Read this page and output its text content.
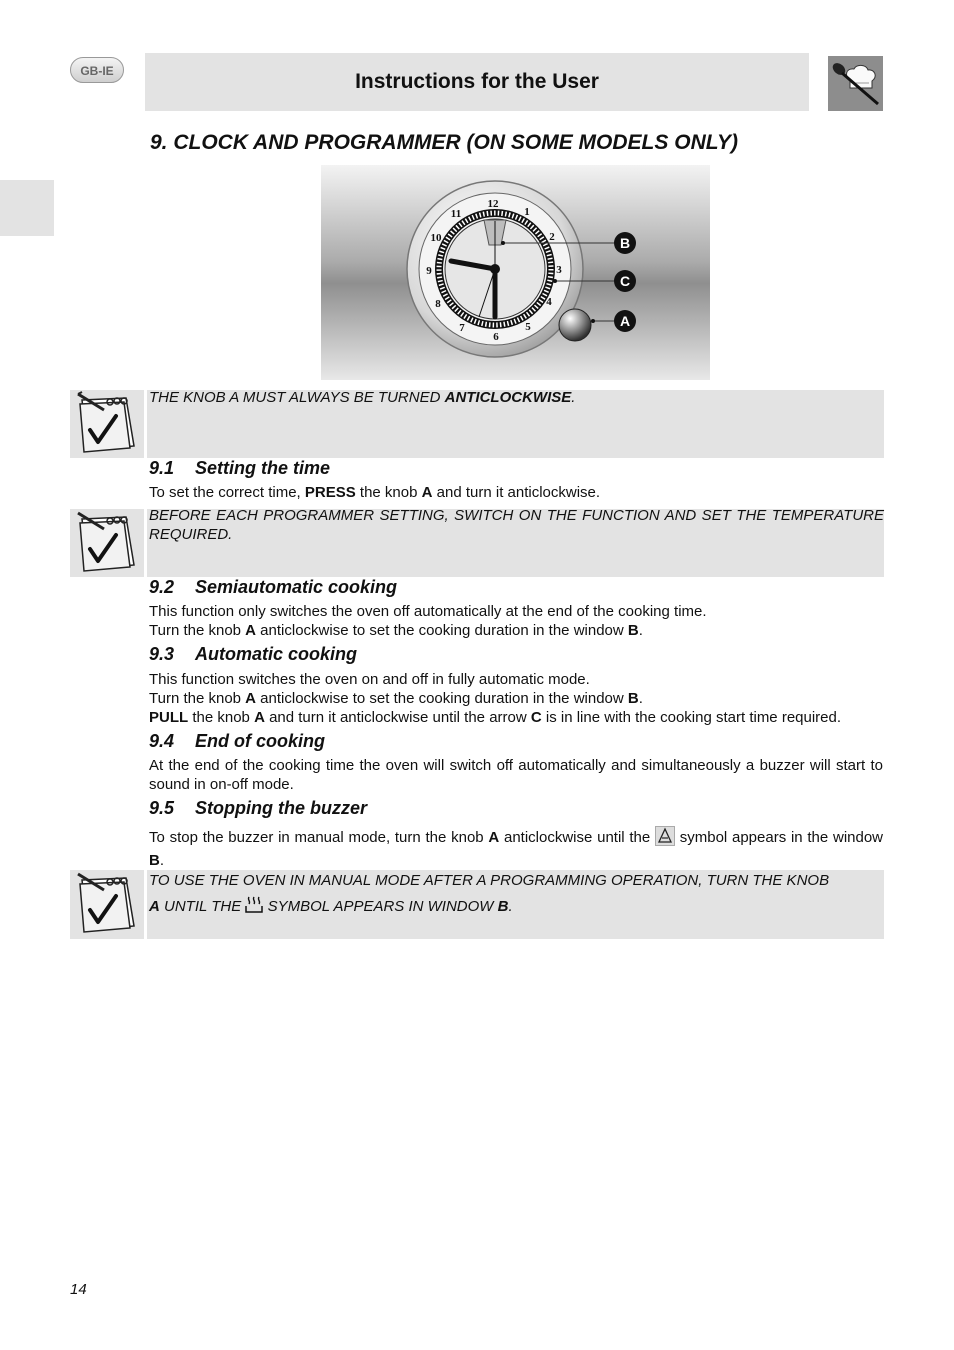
GB-IE	Instructions for the User
9. CLOCK AND PROGRAMMER (ON SOME MODELS ONLY)
12
1
2
3
4
5
6
7
8
9
10
11
B
C
A
THE KNOB A MUST ALWAYS BE TURNED ANTICLOCKWISE.
9.1 Setting the time
To set the correct time, PRESS the knob A and turn it anticlockwise.
BEFORE EACH PROGRAMMER SETTING, SWITCH ON THE FUNCTION AND SET THE TEMPERATURE REQUIRED.
9.2 Semiautomatic cooking
This function only switches the oven off automatically at the end of the cooking time.
Turn the knob A anticlockwise to set the cooking duration in the window B.
9.3 Automatic cooking
This function switches the oven on and off in fully automatic mode.
Turn the knob A anticlockwise to set the cooking duration in the window B.
PULL the knob A and turn it anticlockwise until the arrow C is in line with the cooking start time required.
9.4 End of cooking
At the end of the cooking time the oven will switch off automatically and simultaneously a buzzer will start to sound in on-off mode.
9.5 Stopping the buzzer
To stop the buzzer in manual mode, turn the knob A anticlockwise until the  symbol appears in the window B.
TO USE THE OVEN IN MANUAL MODE AFTER A PROGRAMMING OPERATION, TURN THE KNOB
A UNTIL THE  SYMBOL APPEARS IN WINDOW B.
14
